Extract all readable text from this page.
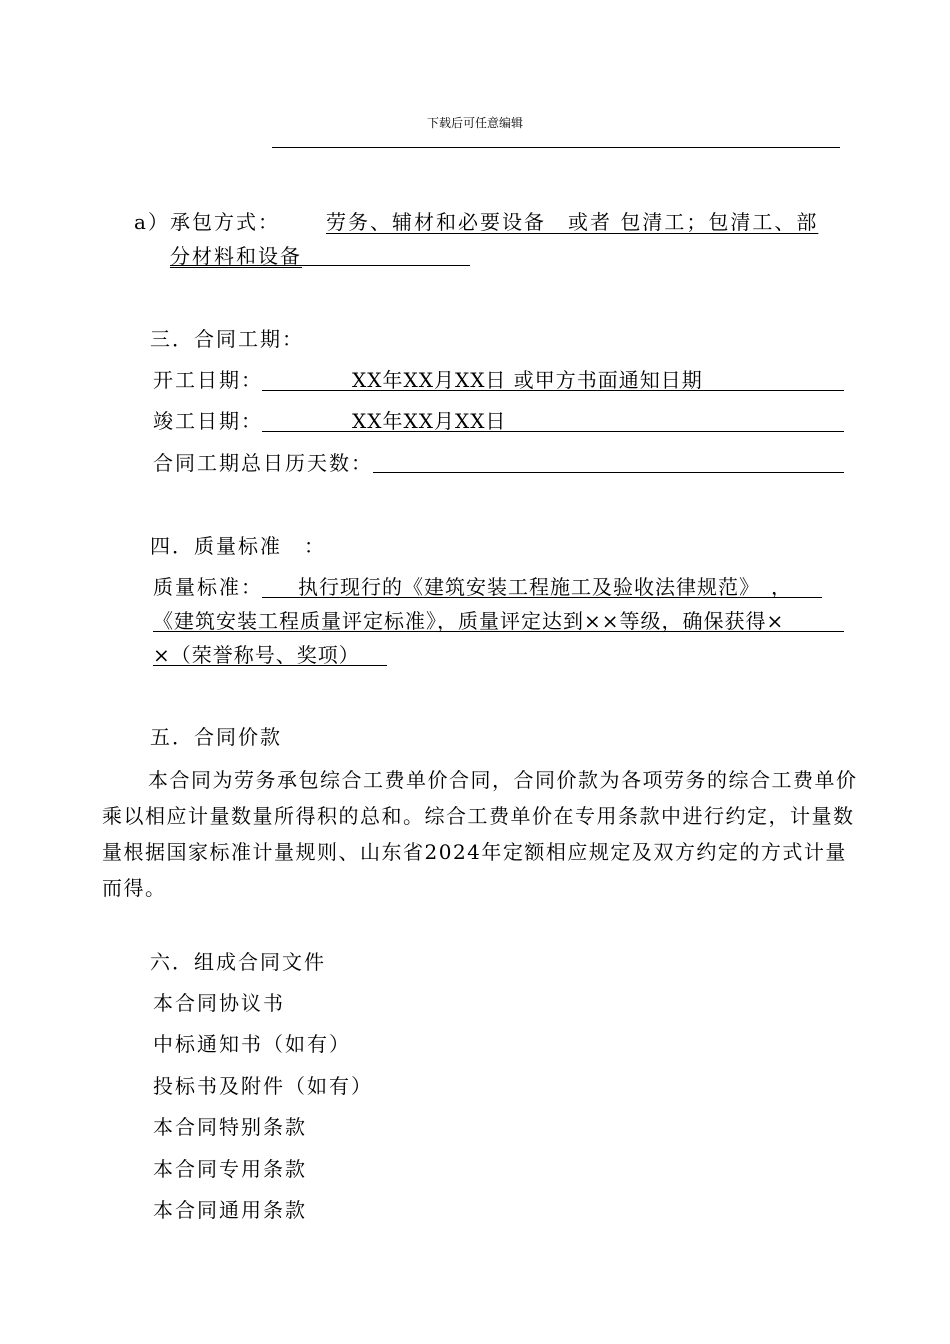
下载后可任意编辑
a） 承包方式：	劳务、辅材和必要设备　或者 包清工；包清工、部
分材料和设备
三．合同工期：
开工日期：	XX年XX月XX日 或甲方书面通知日期
竣工日期：	XX年XX月XX日
合同工期总日历天数：
四．质量标准　：
质量标准： 执行现行的《建筑安装工程施工及验收法律规范》　，
《建筑安装工程质量评定标准》，质量评定达到××等级，确保获得×
×（荣誉称号、奖项）
五．合同价款
本合同为劳务承包综合工费单价合同，合同价款为各项劳务的综合工费单价乘以相应计量数量所得积的总和。综合工费单价在专用条款中进行约定，计量数量根据国家标准计量规则、山东省2024年定额相应规定及双方约定的方式计量而得。
六．组成合同文件
本合同协议书
中标通知书（如有）
投标书及附件（如有）
本合同特别条款
本合同专用条款
本合同通用条款
